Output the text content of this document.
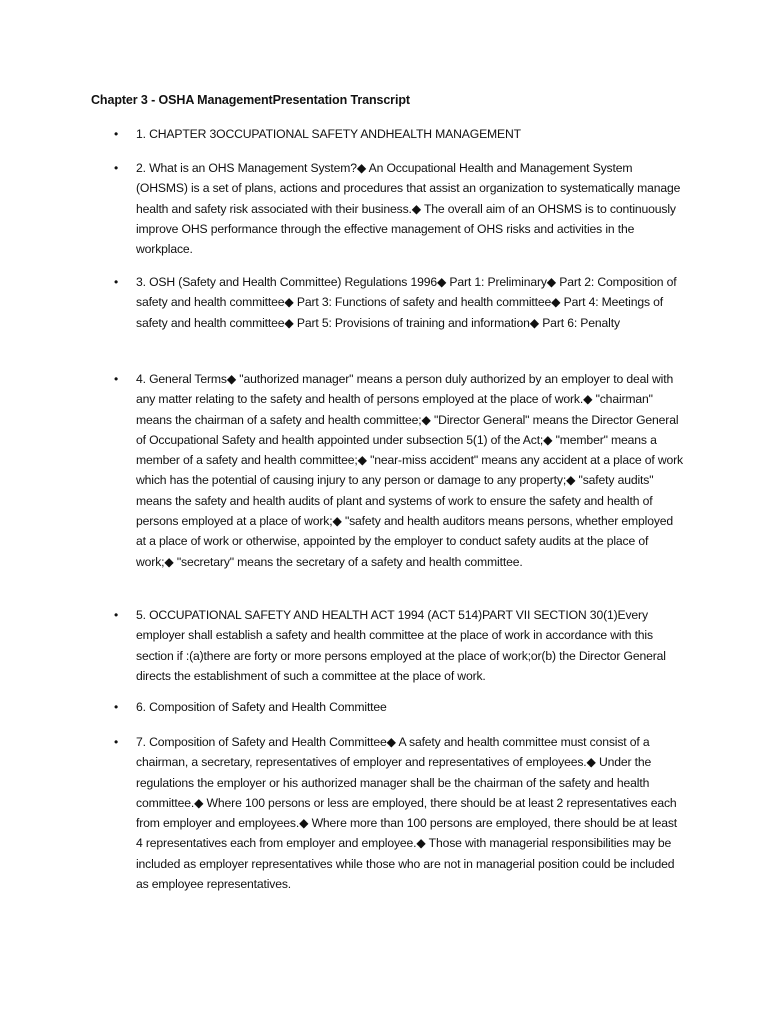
Chapter 3 - OSHA ManagementPresentation Transcript
• 1. CHAPTER 3OCCUPATIONAL SAFETY ANDHEALTH MANAGEMENT
• 2. What is an OHS Management System?◆ An Occupational Health and Management System (OHSMS) is a set of plans, actions and procedures that assist an organization to systematically manage health and safety risk associated with their business.◆ The overall aim of an OHSMS is to continuously improve OHS performance through the effective management of OHS risks and activities in the workplace.
• 3. OSH (Safety and Health Committee) Regulations 1996◆ Part 1: Preliminary◆ Part 2: Composition of safety and health committee◆ Part 3: Functions of safety and health committee◆ Part 4: Meetings of safety and health committee◆ Part 5: Provisions of training and information◆ Part 6: Penalty
• 4. General Terms◆ "authorized manager" means a person duly authorized by an employer to deal with any matter relating to the safety and health of persons employed at the place of work.◆ "chairman" means the chairman of a safety and health committee;◆ "Director General" means the Director General of Occupational Safety and health appointed under subsection 5(1) of the Act;◆ "member" means a member of a safety and health committee;◆ "near-miss accident" means any accident at a place of work which has the potential of causing injury to any person or damage to any property;◆ "safety audits" means the safety and health audits of plant and systems of work to ensure the safety and health of persons employed at a place of work;◆ "safety and health auditors means persons, whether employed at a place of work or otherwise, appointed by the employer to conduct safety audits at the place of work;◆ "secretary" means the secretary of a safety and health committee.
• 5. OCCUPATIONAL SAFETY AND HEALTH ACT 1994 (ACT 514)PART VII SECTION 30(1)Every employer shall establish a safety and health committee at the place of work in accordance with this section if :(a)there are forty or more persons employed at the place of work;or(b) the Director General directs the establishment of such a committee at the place of work.
• 6. Composition of Safety and Health Committee
• 7. Composition of Safety and Health Committee◆ A safety and health committee must consist of a chairman, a secretary, representatives of employer and representatives of employees.◆ Under the regulations the employer or his authorized manager shall be the chairman of the safety and health committee.◆ Where 100 persons or less are employed, there should be at least 2 representatives each from employer and employees.◆ Where more than 100 persons are employed, there should be at least 4 representatives each from employer and employee.◆ Those with managerial responsibilities may be included as employer representatives while those who are not in managerial position could be included as employee representatives.
